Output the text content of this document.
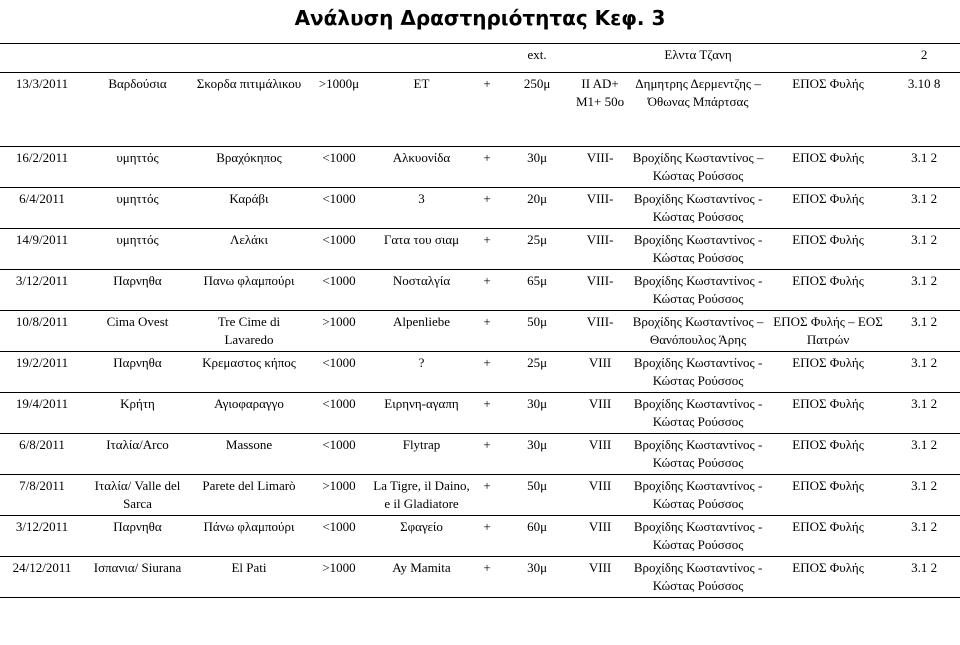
Ανάλυση Δραστηριότητας Κεφ. 3
						ext.		Ελντα Τζανη		2
13/3/2011	Βαρδούσια	Σκορδα πιτιμάλικου	>1000μ	ΕΤ	+	250μ	II AD+ M1+ 50o	Δημητρης Δερμεντζης – Όθωνας Μπάρτσας	ΕΠΟΣ Φυλής	3.10 8
16/2/2011	υμηττός	Βραχόκηπος	<1000	Αλκυονίδα	+	30μ	VIII-	Βροχίδης Κωσταντίνος – Κώστας Ρούσσος	ΕΠΟΣ Φυλής	3.1 2
6/4/2011	υμηττός	Καράβι	<1000	3	+	20μ	VIII-	Βροχίδης Κωσταντίνος - Κώστας Ρούσσος	ΕΠΟΣ Φυλής	3.1 2
14/9/2011	υμηττός	Λελάκι	<1000	Γατα του σιαμ	+	25μ	VIII-	Βροχίδης Κωσταντίνος - Κώστας Ρούσσος	ΕΠΟΣ Φυλής	3.1 2
3/12/2011	Παρνηθα	Πανω φλαμπούρι	<1000	Νοσταλγία	+	65μ	VIII-	Βροχίδης Κωσταντίνος - Κώστας Ρούσσος	ΕΠΟΣ Φυλής	3.1 2
10/8/2011	Cima Ovest	Tre Cime di Lavaredo	>1000	Alpenliebe	+	50μ	VIII-	Βροχίδης Κωσταντίνος – Θανόπουλος Άρης	ΕΠΟΣ Φυλής – ΕΟΣ Πατρών	3.1 2
19/2/2011	Παρνηθα	Κρεμαστος κήπος	<1000	?	+	25μ	VIII	Βροχίδης Κωσταντίνος - Κώστας Ρούσσος	ΕΠΟΣ Φυλής	3.1 2
19/4/2011	Κρήτη	Αγιοφαραγγο	<1000	Ειρηνη-αγαπη	+	30μ	VIII	Βροχίδης Κωσταντίνος - Κώστας Ρούσσος	ΕΠΟΣ Φυλής	3.1 2
6/8/2011	Ιταλία/Arco	Massone	<1000	Flytrap	+	30μ	VIII	Βροχίδης Κωσταντίνος - Κώστας Ρούσσος	ΕΠΟΣ Φυλής	3.1 2
7/8/2011	Ιταλία/ Valle del Sarca	Parete del Limarò	>1000	La Tigre, il Daino, e il Gladiatore	+	50μ	VIII	Βροχίδης Κωσταντίνος - Κώστας Ρούσσος	ΕΠΟΣ Φυλής	3.1 2
3/12/2011	Παρνηθα	Πάνω φλαμπούρι	<1000	Σφαγείο	+	60μ	VIII	Βροχίδης Κωσταντίνος - Κώστας Ρούσσος	ΕΠΟΣ Φυλής	3.1 2
24/12/2011	Ισπανια/ Siurana	El Pati	>1000	Ay Mamita	+	30μ	VIII	Βροχίδης Κωσταντίνος - Κώστας Ρούσσος	ΕΠΟΣ Φυλής	3.1 2
